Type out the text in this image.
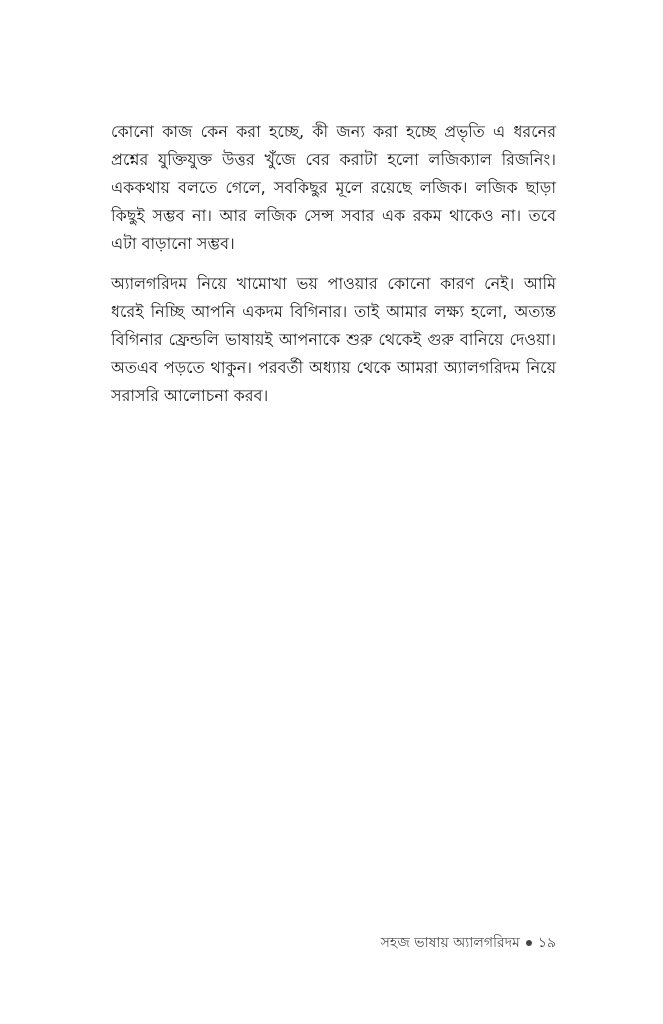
কোনো কাজ কেন করা হচ্ছে, কী জন্য করা হচ্ছে প্রভৃতি এ ধরনের প্রশ্নের যুক্তিযুক্ত উত্তর খুঁজে বের করাটা হলো লজিক্যাল রিজনিং। এককথায় বলতে গেলে, সবকিছুর মূলে রয়েছে লজিক। লজিক ছাড়া কিছুই সম্ভব না। আর লজিক সেন্স সবার এক রকম থাকেও না। তবে এটা বাড়ানো সম্ভব।

অ্যালগরিদম নিয়ে খামোখা ভয় পাওয়ার কোনো কারণ নেই। আমি ধরেই নিচ্ছি আপনি একদম বিগিনার। তাই আমার লক্ষ্য হলো, অত্যন্ত বিগিনার ফ্রেন্ডলি ভাষায়ই আপনাকে শুরু থেকেই গুরু বানিয়ে দেওয়া। অতএব পড়তে থাকুন। পরবর্তী অধ্যায় থেকে আমরা অ্যালগরিদম নিয়ে সরাসরি আলোচনা করব।

সহজ ভাষায় অ্যালগরিদম ১৯
